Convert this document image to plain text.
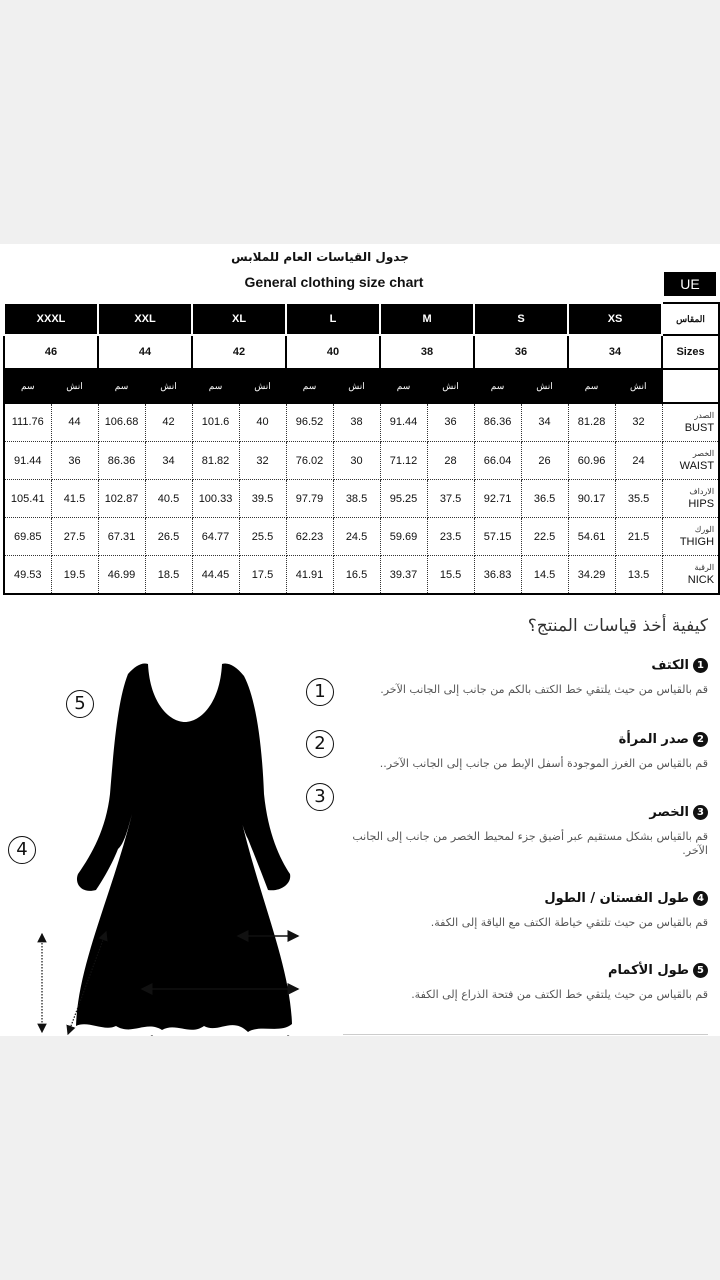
جدول القياسات العام للملابس
General clothing size chart	UE
XXXL		XXL		XL		L		M		S		XS		المقاس
46		44		42		40		38		36		34		Sizes
سم	انش	سم	انش	سم	انش	سم	انش	سم	انش	سم	انش	سم	انش	
111.76	44	106.68	42	101.6	40	96.52	38	91.44	36	86.36	34	81.28	32	الصدر
BUST

91.44	36	86.36	34	81.82	32	76.02	30	71.12	28	66.04	26	60.96	24	الخصر
WAIST

105.41	41.5	102.87	40.5	100.33	39.5	97.79	38.5	95.25	37.5	92.71	36.5	90.17	35.5	الارداف
HIPS

69.85	27.5	67.31	26.5	64.77	25.5	62.23	24.5	59.69	23.5	57.15	22.5	54.61	21.5	الورك
THIGH

49.53	19.5	46.99	18.5	44.45	17.5	41.91	16.5	39.37	15.5	36.83	14.5	34.29	13.5	الرقبة
NICK
كيفية أخذ قياسات المنتج؟
1الكتف
قم بالقياس من حيث يلتقي خط الكتف بالكم من جانب إلى الجانب الآخر.
2صدر المرأة
قم بالقياس من الغرز الموجودة أسفل الإبط من جانب إلى الجانب الآخر..
3الخصر
قم بالقياس بشكل مستقيم عبر أضيق جزء لمحيط الخصر من جانب إلى الجانب الآخر.
4طول الفستان / الطول
قم بالقياس من حيث تلتقي خياطة الكتف مع الياقة إلى الكفة.
5طول الأكمام
قم بالقياس من حيث يلتقي خط الكتف من فتحة الذراع إلى الكفة.
1
2
3
4
5
